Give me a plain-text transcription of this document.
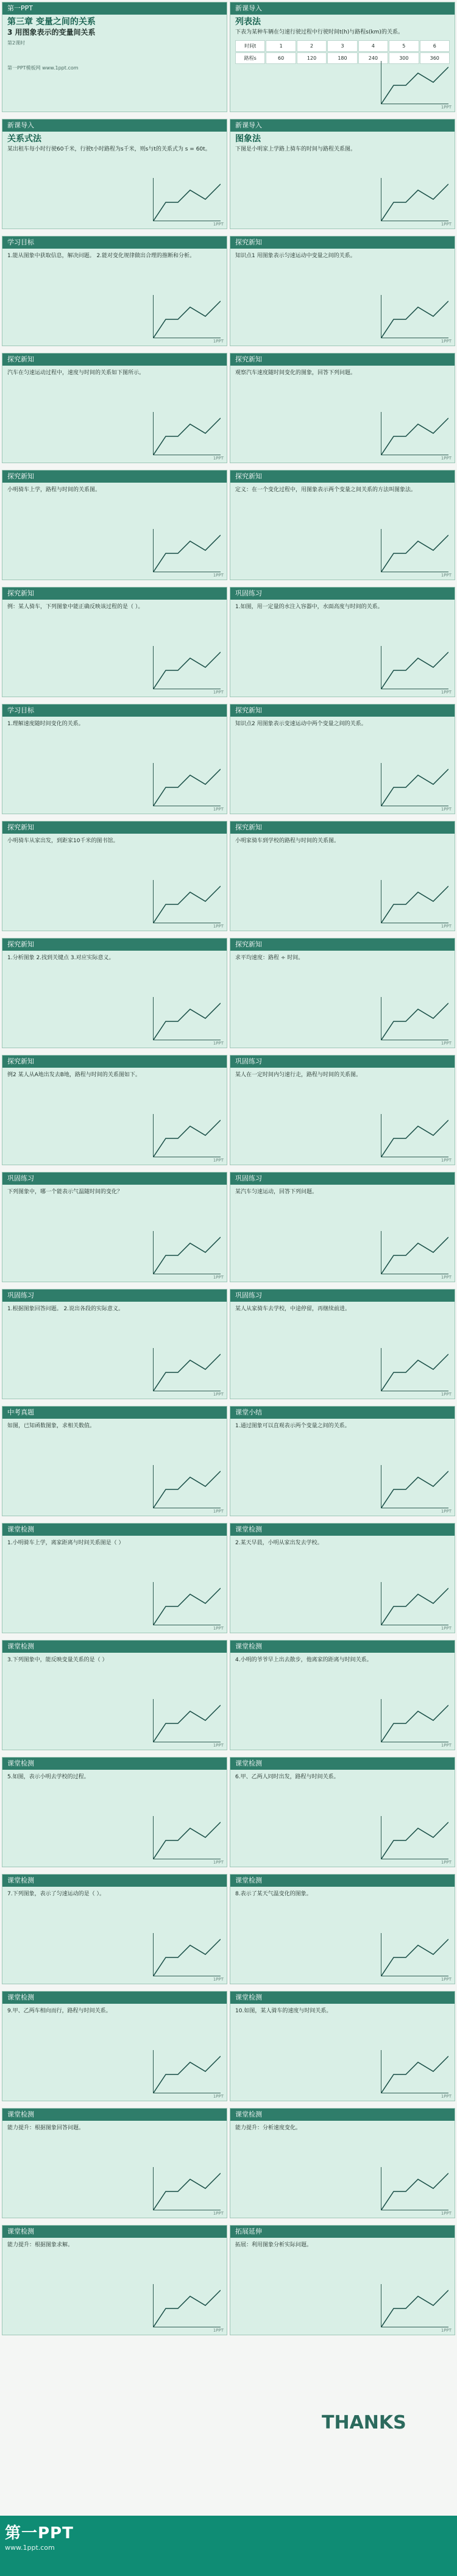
第一PPT
第三章 变量之间的关系
3 用图象表示的变量间关系
第2课时
第一PPT模板网 www.1ppt.com
新课导入
列表法
下表为某种车辆在匀速行驶过程中行驶时间t(h)与路程s(km)的关系。
时间t	1	2	3	4	5	6
路程s	60	120	180	240	300	360
1PPT
新课导入
关系式法
某出租车每小时行驶60千米，行驶t小时路程为s千米，则s与t的关系式为 s = 60t。
1PPT
新课导入
图象法
下图是小明家上学路上骑车的时间与路程关系图。
1PPT
学习目标
1.能从图象中获取信息，解决问题。 2.能对变化规律做出合理的推断和分析。
1PPT
探究新知
知识点1 用图象表示匀速运动中变量之间的关系。
1PPT
探究新知
汽车在匀速运动过程中，速度与时间的关系如下图所示。
1PPT
探究新知
观察汽车速度随时间变化的图象，回答下列问题。
1PPT
探究新知
小明骑车上学，路程与时间的关系图。
1PPT
探究新知
定义：在一个变化过程中，用图象表示两个变量之间关系的方法叫图象法。
1PPT
探究新知
例：某人骑车，下列图象中能正确反映该过程的是（ ）。
1PPT
巩固练习
1.如图，用一定量的水注入容器中，水面高度与时间的关系。
1PPT
学习目标
1.理解速度随时间变化的关系。
1PPT
探究新知
知识点2 用图象表示变速运动中两个变量之间的关系。
1PPT
探究新知
小明骑车从家出发，到距家10千米的图书馆。
1PPT
探究新知
小明家骑车到学校的路程与时间的关系图。
1PPT
探究新知
1.分析图象 2.找到关键点 3.对应实际意义。
1PPT
探究新知
求平均速度：路程 ÷ 时间。
1PPT
探究新知
例2 某人从A地出发去B地，路程与时间的关系图如下。
1PPT
巩固练习
某人在一定时间内匀速行走，路程与时间的关系图。
1PPT
巩固练习
下列图象中，哪一个能表示气温随时间的变化？
1PPT
巩固练习
某汽车匀速运动，回答下列问题。
1PPT
巩固练习
1.根据图象回答问题。 2.说出各段的实际意义。
1PPT
巩固练习
某人从家骑车去学校，中途停留，再继续前进。
1PPT
中考真题
如图，已知函数图象，求相关数值。
1PPT
课堂小结
1.通过图象可以直观表示两个变量之间的关系。
1PPT
课堂检测
1.小明骑车上学，离家距离与时间关系图是（ ）
1PPT
课堂检测
2.某天早晨，小明从家出发去学校。
1PPT
课堂检测
3.下列图象中，能反映变量关系的是（ ）
1PPT
课堂检测
4.小明的爷爷早上出去散步，他离家的距离与时间关系。
1PPT
课堂检测
5.如图，表示小明去学校的过程。
1PPT
课堂检测
6.甲、乙两人同时出发，路程与时间关系。
1PPT
课堂检测
7.下列图象，表示了匀速运动的是（ ）。
1PPT
课堂检测
8.表示了某天气温变化的图象。
1PPT
课堂检测
9.甲、乙两车相向而行，路程与时间关系。
1PPT
课堂检测
10.如图，某人骑车的速度与时间关系。
1PPT
课堂检测
能力提升：根据图象回答问题。
1PPT
课堂检测
能力提升：分析速度变化。
1PPT
课堂检测
能力提升：根据图象求解。
1PPT
拓展延伸
拓展：利用图象分析实际问题。
1PPT
THANKS
第一PPT
www.1ppt.com
